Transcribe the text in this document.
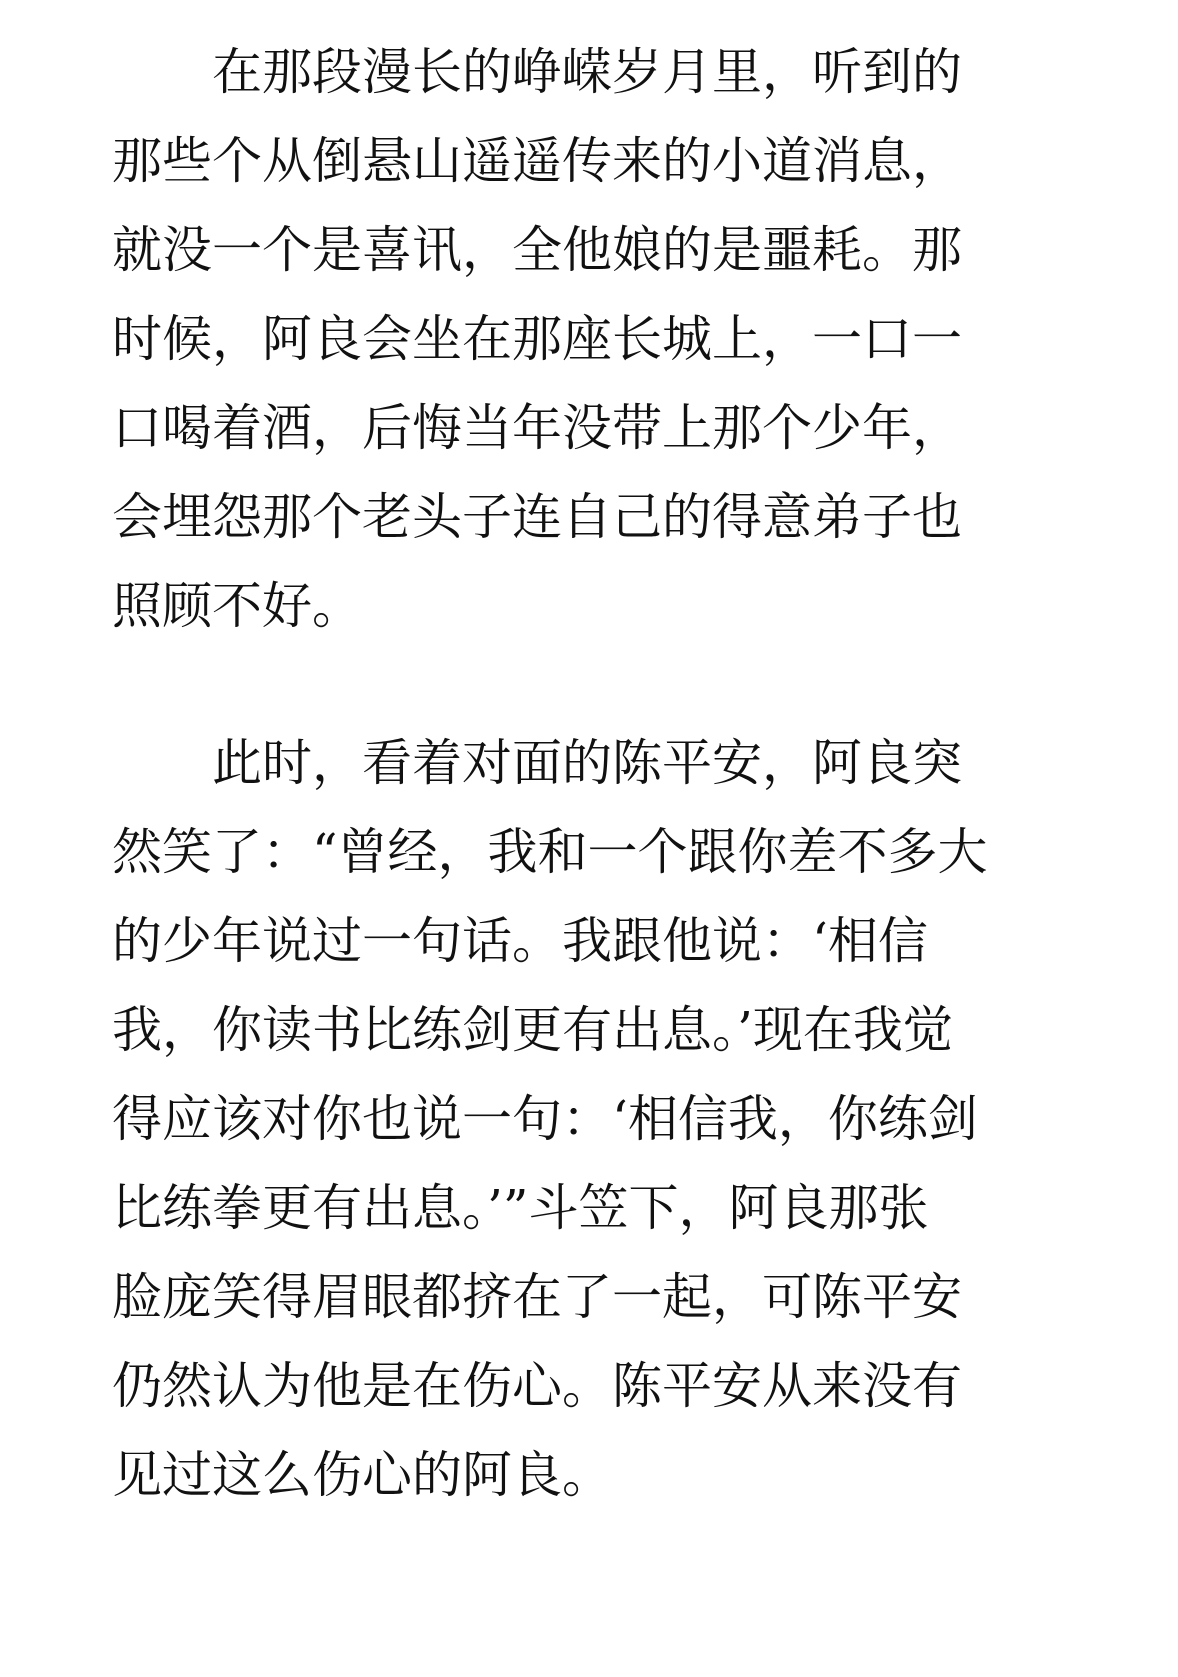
在那段漫长的峥嵘岁月里，听到的
那些个从倒悬山遥遥传来的小道消息，
就没一个是喜讯，全他娘的是噩耗。那
时候，阿良会坐在那座长城上，一口一
口喝着酒，后悔当年没带上那个少年，
会埋怨那个老头子连自己的得意弟子也
照顾不好。
此时，看着对面的陈平安，阿良突
然笑了：“曾经，我和一个跟你差不多大
的少年说过一句话。我跟他说：‘相信
我，你读书比练剑更有出息。’现在我觉
得应该对你也说一句：‘相信我，你练剑
比练拳更有出息。’”斗笠下，阿良那张
脸庞笑得眉眼都挤在了一起，可陈平安
仍然认为他是在伤心。陈平安从来没有
见过这么伤心的阿良。
